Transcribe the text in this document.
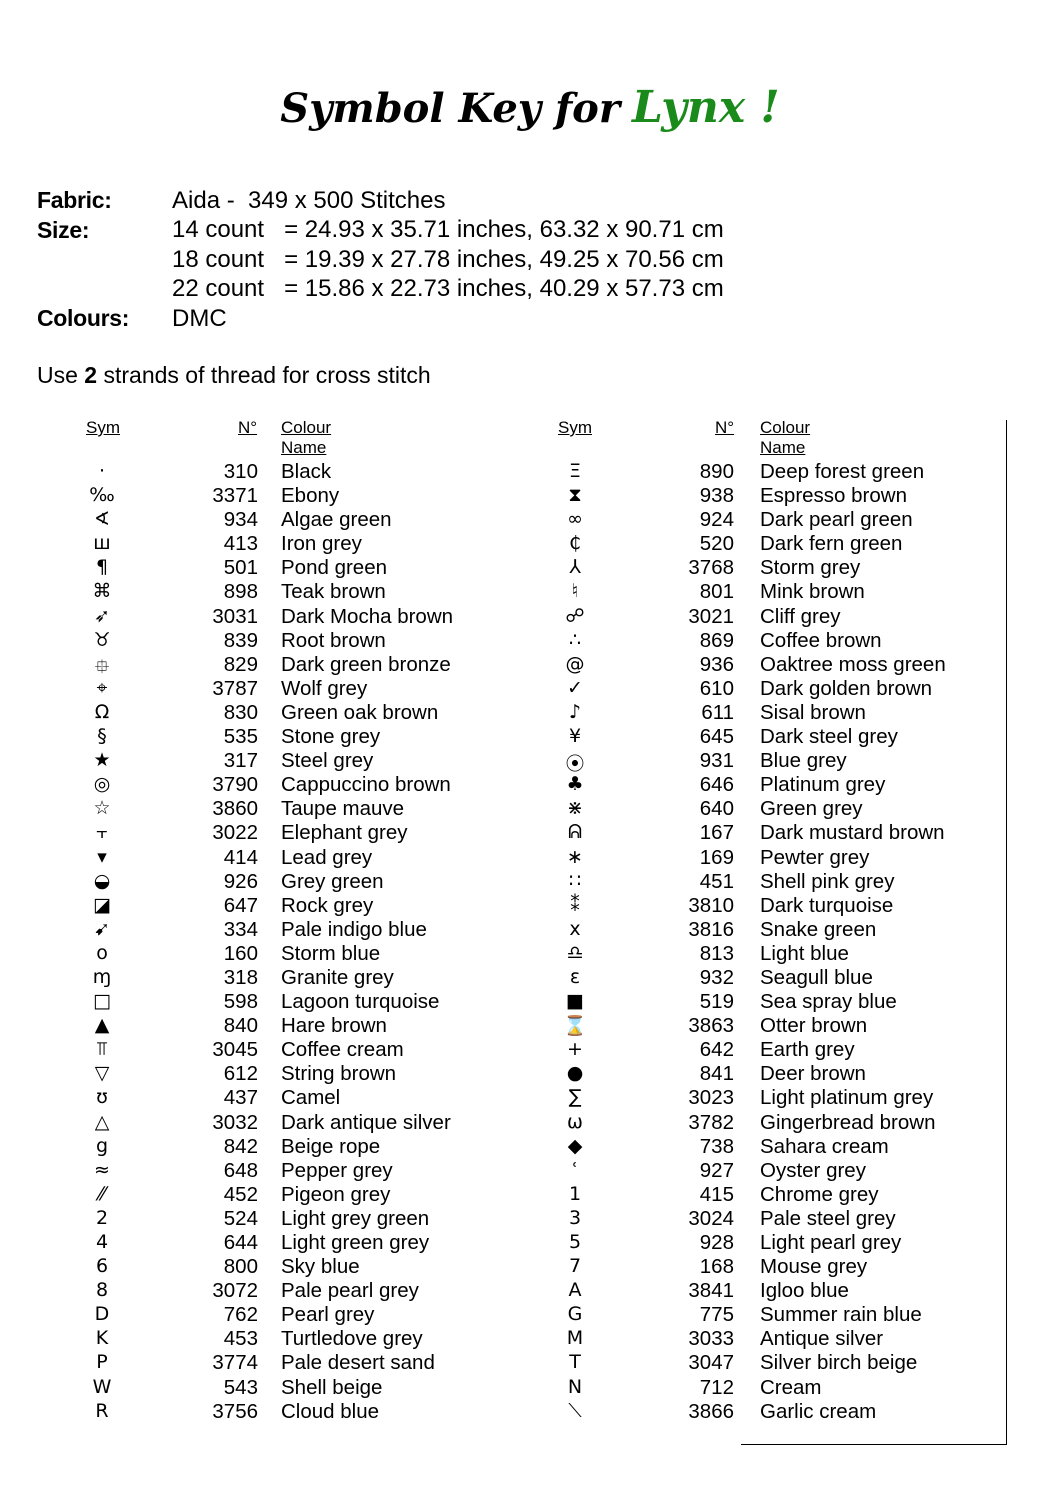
Symbol Key for Lynx !
Fabric:	Aida -  349 x 500 Stitches
Size:	14 count   = 24.93 x 35.71 inches, 63.32 x 90.71 cm
18 count   = 19.39 x 27.78 inches, 49.25 x 70.56 cm
22 count   = 15.86 x 22.73 inches, 40.29 x 57.73 cm
Colours:	DMC
Use 2 strands of thread for cross stitch
Sym	N° Colour Name
·	310 Black
‰	3371 Ebony
∢	934 Algae green
ш	413 Iron grey
¶	501 Pond green
⌘	898 Teak brown
➶	3031 Dark Mocha brown
♉	839 Root brown
⯐	829 Dark green bronze
⌖	3787 Wolf grey
Ω	830 Green oak brown
§	535 Stone grey
★	317 Steel grey
◎	3790 Cappuccino brown
☆	3860 Taupe mauve
⫟	3022 Elephant grey
▾	414 Lead grey
◒	926 Grey green
◪	647 Rock grey
➹	334 Pale indigo blue
o	160 Storm blue
ɱ	318 Granite grey
□	598 Lagoon turquoise
▲	840 Hare brown
⫪	3045 Coffee cream
▽	612 String brown
ʊ	437 Camel
△	3032 Dark antique silver
g	842 Beige rope
≈	648 Pepper grey
⁄⁄	452 Pigeon grey
2	524 Light grey green
4	644 Light green grey
6	800 Sky blue
8	3072 Pale pearl grey
D	762 Pearl grey
K	453 Turtledove grey
P	3774 Pale desert sand
W	543 Shell beige
R	3756 Cloud blue
Sym	N° Colour Name
Ξ	890 Deep forest green
⧗	938 Espresso brown
∞	924 Dark pearl green
₵	520 Dark fern green
⅄	3768 Storm grey
♮	801 Mink brown
☍	3021 Cliff grey
∴	869 Coffee brown
@	936 Oaktree moss green
✓	610 Dark golden brown
♪	611 Sisal brown
¥	645 Dark steel grey
⦿	931 Blue grey
♣	646 Platinum grey
⋇	640 Green grey
ᕱ	167 Dark mustard brown
∗	169 Pewter grey
∷	451 Shell pink grey
⁑	3810 Dark turquoise
x	3816 Snake green
♎	813 Light blue
ɛ	932 Seagull blue
■	519 Sea spray blue
⌛	3863 Otter brown
+	642 Earth grey
●	841 Deer brown
∑	3023 Light platinum grey
ω	3782 Gingerbread brown
◆	738 Sahara cream
ʿ	927 Oyster grey
1	415 Chrome grey
3	3024 Pale steel grey
5	928 Light pearl grey
7	168 Mouse grey
A	3841 Igloo blue
G	775 Summer rain blue
M	3033 Antique silver
T	3047 Silver birch beige
N	712 Cream
⟍	3866 Garlic cream
